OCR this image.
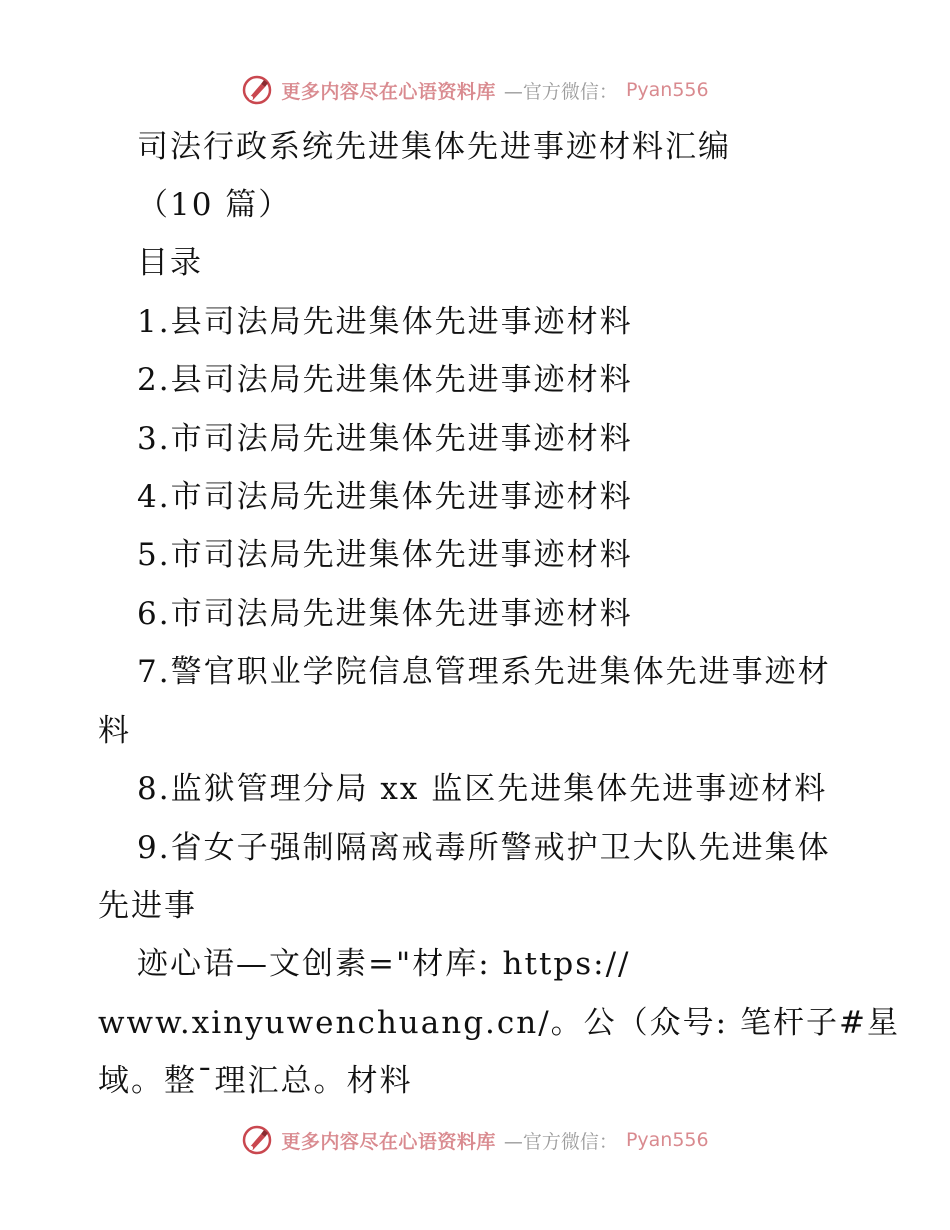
更多内容尽在心语资料库 —官方微信： Pyan556
司法行政系统先进集体先进事迹材料汇编
（10 篇）
目录
1.县司法局先进集体先进事迹材料
2.县司法局先进集体先进事迹材料
3.市司法局先进集体先进事迹材料
4.市司法局先进集体先进事迹材料
5.市司法局先进集体先进事迹材料
6.市司法局先进集体先进事迹材料
7.警官职业学院信息管理系先进集体先进事迹材
料
8.监狱管理分局 xx 监区先进集体先进事迹材料
9.省女子强制隔离戒毒所警戒护卫大队先进集体
先进事
迹心语—文创素="材库: https://
www.xinyuwenchuang.cn/。公（众号: 笔杆子#星
域。整¯理汇总。材料
更多内容尽在心语资料库 —官方微信： Pyan556
